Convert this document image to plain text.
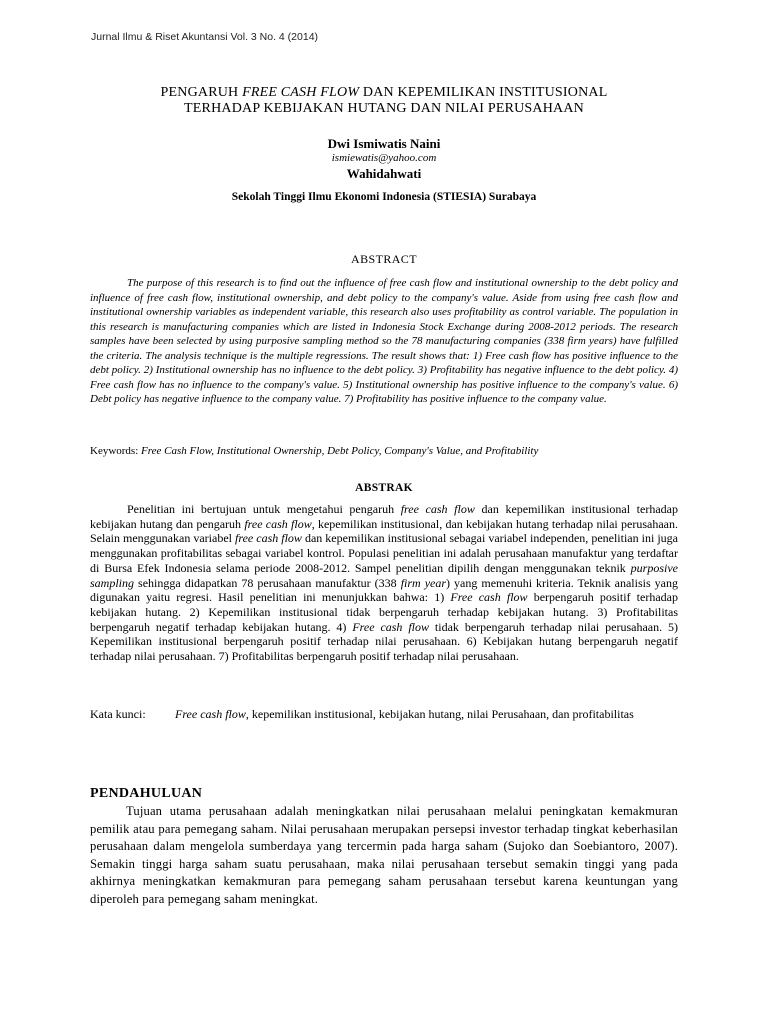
Jurnal Ilmu & Riset Akuntansi Vol. 3 No. 4 (2014)
PENGARUH FREE CASH FLOW DAN KEPEMILIKAN INSTITUSIONAL
TERHADAP KEBIJAKAN HUTANG DAN NILAI PERUSAHAAN
Dwi Ismiwatis Naini
ismiewatis@yahoo.com
Wahidahwati
Sekolah Tinggi Ilmu Ekonomi Indonesia (STIESIA) Surabaya
ABSTRACT

The purpose of this research is to find out the influence of free cash flow and institutional ownership to the debt policy and influence of free cash flow, institutional ownership, and debt policy to the company's value. Aside from using free cash flow and institutional ownership variables as independent variable, this research also uses profitability as control variable. The population in this research is manufacturing companies which are listed in Indonesia Stock Exchange during 2008-2012 periods. The research samples have been selected by using purposive sampling method so the 78 manufacturing companies (338 firm years) have fulfilled the criteria. The analysis technique is the multiple regressions. The result shows that: 1) Free cash flow has positive influence to the debt policy. 2) Institutional ownership has no influence to the debt policy. 3) Profitability has negative influence to the debt policy. 4) Free cash flow has no influence to the company's value. 5) Institutional ownership has positive influence to the company's value. 6) Debt policy has negative influence to the company value. 7) Profitability has positive influence to the company value.

Keywords: Free Cash Flow, Institutional Ownership, Debt Policy, Company's Value, and Profitability
ABSTRAK

Penelitian ini bertujuan untuk mengetahui pengaruh free cash flow dan kepemilikan institusional terhadap kebijakan hutang dan pengaruh free cash flow, kepemilikan institusional, dan kebijakan hutang terhadap nilai perusahaan. Selain menggunakan variabel free cash flow dan kepemilikan institusional sebagai variabel independen, penelitian ini juga menggunakan profitabilitas sebagai variabel kontrol. Populasi penelitian ini adalah perusahaan manufaktur yang terdaftar di Bursa Efek Indonesia selama periode 2008-2012. Sampel penelitian dipilih dengan menggunakan teknik purposive sampling sehingga didapatkan 78 perusahaan manufaktur (338 firm year) yang memenuhi kriteria. Teknik analisis yang digunakan yaitu regresi. Hasil penelitian ini menunjukkan bahwa: 1) Free cash flow berpengaruh positif terhadap kebijakan hutang. 2) Kepemilikan institusional tidak berpengaruh terhadap kebijakan hutang. 3) Profitabilitas berpengaruh negatif terhadap kebijakan hutang. 4) Free cash flow tidak berpengaruh terhadap nilai perusahaan. 5) Kepemilikan institusional berpengaruh positif terhadap nilai perusahaan. 6) Kebijakan hutang berpengaruh negatif terhadap nilai perusahaan. 7) Profitabilitas berpengaruh positif terhadap nilai perusahaan.

Kata kunci: Free cash flow, kepemilikan institusional, kebijakan hutang, nilai Perusahaan, dan profitabilitas
PENDAHULUAN

Tujuan utama perusahaan adalah meningkatkan nilai perusahaan melalui peningkatan kemakmuran pemilik atau para pemegang saham. Nilai perusahaan merupakan persepsi investor terhadap tingkat keberhasilan perusahaan dalam mengelola sumberdaya yang tercermin pada harga saham (Sujoko dan Soebiantoro, 2007). Semakin tinggi harga saham suatu perusahaan, maka nilai perusahaan tersebut semakin tinggi yang pada akhirnya meningkatkan kemakmuran para pemegang saham perusahaan tersebut karena keuntungan yang diperoleh para pemegang saham meningkat.
